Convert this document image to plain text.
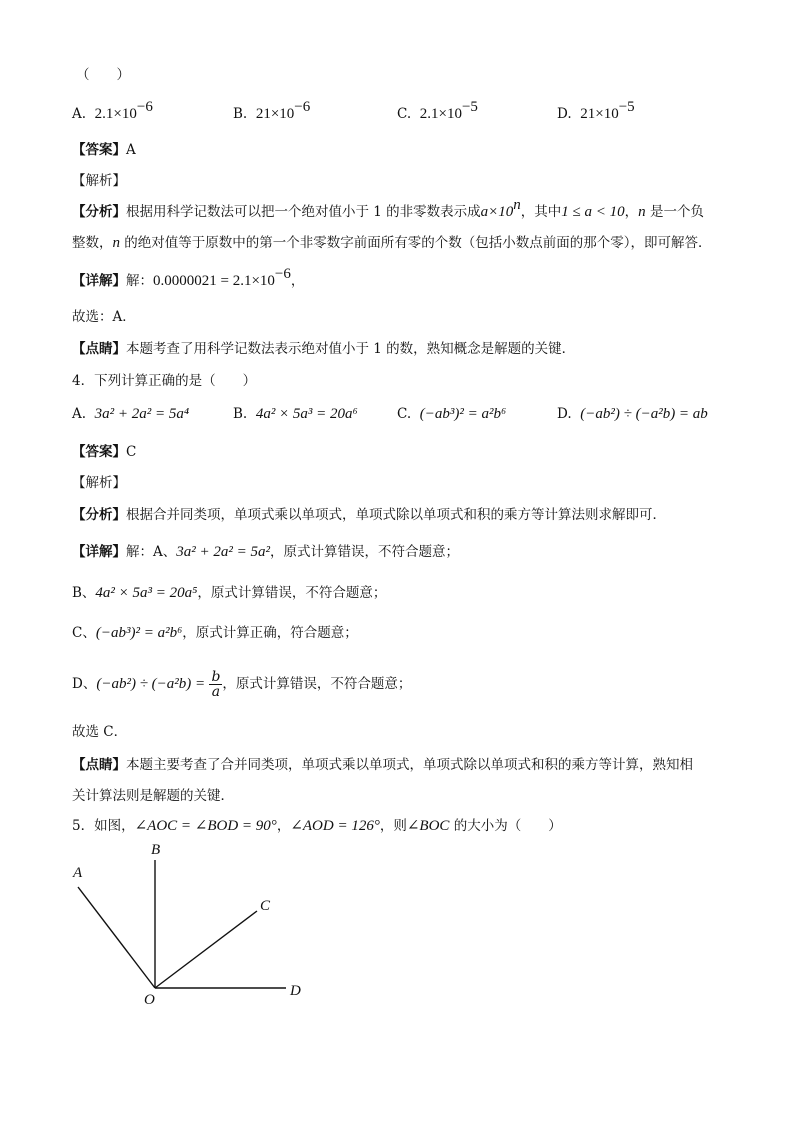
（　　）
A. $2.1\times 10^{-6}$	B. $21\times 10^{-6}$	C. $2.1\times 10^{-5}$	D. $21\times 10^{-5}$
【答案】A
【解析】
【分析】根据用科学记数法可以把一个绝对值小于 1 的非零数表示成$a\times 10^n$，其中1 ≤ a < 10，n 是一个负
整数，n 的绝对值等于原数中的第一个非零数字前面所有零的个数（包括小数点前面的那个零），即可解答．
【详解】解：$0.0000021 = 2.1\times 10^{-6}$，
故选：A．
【点睛】本题考查了用科学记数法表示绝对值小于 1 的数，熟知概念是解题的关键．
4．下列计算正确的是（　　）
A. 3a² + 2a² = 5a⁴	B. 4a² × 5a³ = 20a⁶	C. (−ab³)² = a²b⁶	D. (−ab²) ÷ (−a²b) = ab
【答案】C
【解析】
【分析】根据合并同类项，单项式乘以单项式，单项式除以单项式和积的乘方等计算法则求解即可．
【详解】解：A、3a² + 2a² = 5a²，原式计算错误，不符合题意；
B、4a² × 5a³ = 20a⁵，原式计算错误，不符合题意；
C、(−ab³)² = a²b⁶，原式计算正确，符合题意；
D、$(-ab^2) \div (-a^2b) = \frac{b}{a}$ ，原式计算错误，不符合题意；
故选 C．
【点睛】本题主要考查了合并同类项，单项式乘以单项式，单项式除以单项式和积的乘方等计算，熟知相
关计算法则是解题的关键．
5．如图，∠AOC = ∠BOD = 90°，∠AOD = 126°，则∠BOC 的大小为（　　）
A
B
C
D
O
